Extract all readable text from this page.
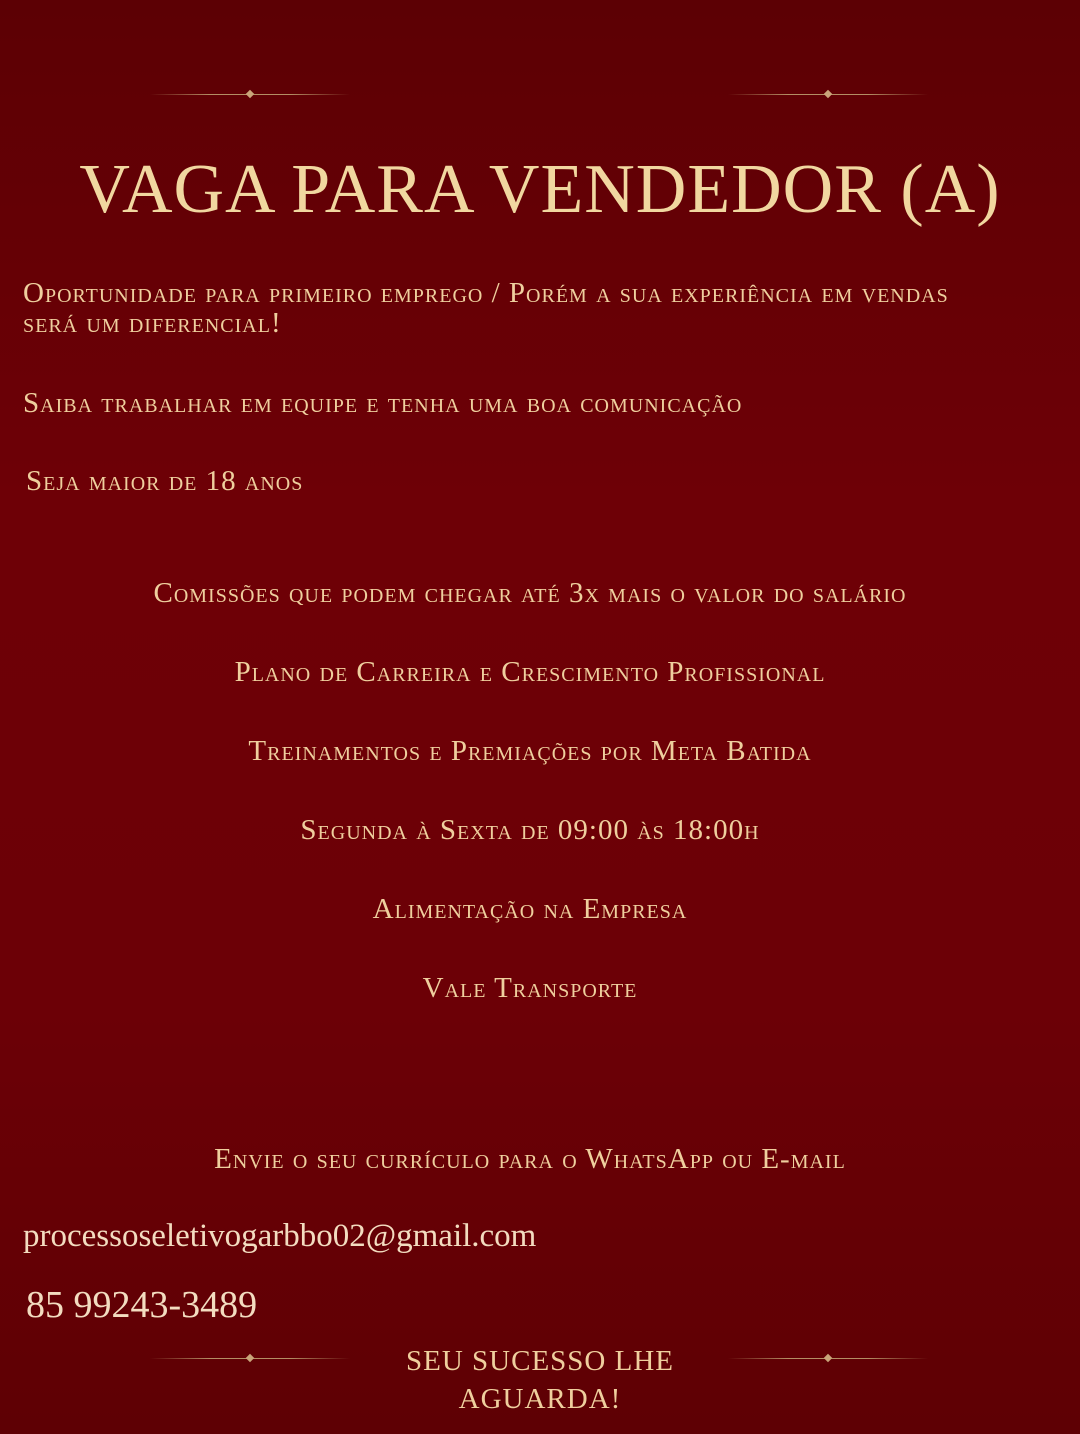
VAGA PARA VENDEDOR (A)
Oportunidade para primeiro emprego / Porém a sua experiência em vendas
será um diferencial!
Saiba trabalhar em equipe e tenha uma boa comunicação
Seja maior de 18 anos
Comissões que podem chegar até 3x mais o valor do salário
Plano de Carreira e Crescimento Profissional
Treinamentos e Premiações por Meta Batida
Segunda à Sexta de 09:00 às 18:00h
Alimentação na Empresa
Vale Transporte
Envie o seu currículo para o WhatsApp ou E-mail
processoseletivogarbbo02@gmail.com
85 99243-3489
SEU SUCESSO LHE
AGUARDA!
